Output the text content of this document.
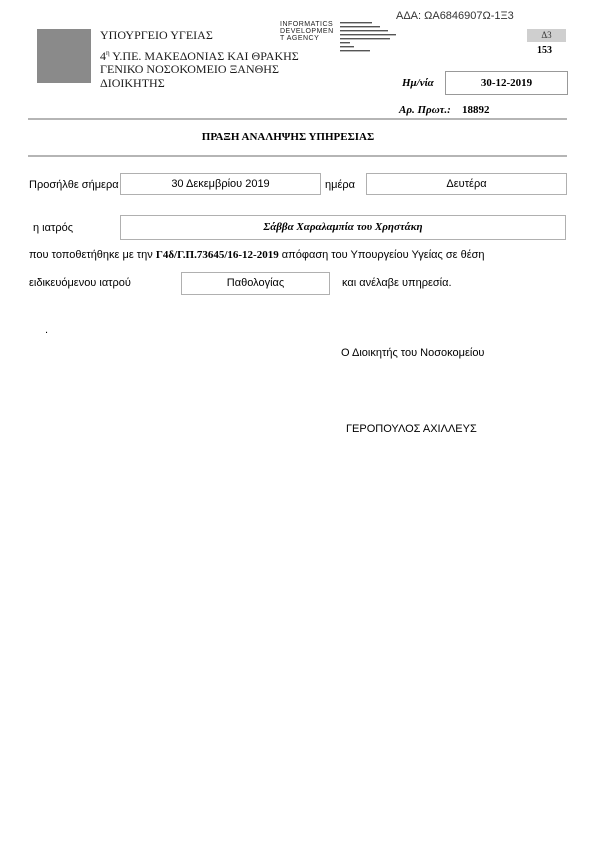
ΥΠΟΥΡΓΕΙΟ ΥΓΕΙΑΣ
$4^\eta$ Υ.ΠΕ. ΜΑΚΕΔΟΝΙΑΣ ΚΑΙ ΘΡΑΚΗΣ
ΓΕΝΙΚΟ ΝΟΣΟΚΟΜΕΙΟ ΞΑΝΘΗΣ
ΔΙΟΙΚΗΤΗΣ
INFORMATICS
DEVELOPMEN
T AGENCY
ΑΔΑ: ΩΑ6846907Ω-1Ξ3
Δ3
153
Ημ/νία	30-12-2019
Αρ. Πρωτ.: 18892
ΠΡΑΞΗ ΑΝΑΛΗΨΗΣ ΥΠΗΡΕΣΙΑΣ
Προσήλθε σήμερα	30 Δεκεμβρίου 2019	ημέρα	Δευτέρα
η ιατρός	Σάββα Χαραλαμπία του Χρηστάκη
που τοποθετήθηκε με την Γ4δ/Γ.Π.73645/16-12-2019 απόφαση του Υπουργείου Υγείας σε θέση
ειδικευόμενου ιατρού	Παθολογίας	και ανέλαβε υπηρεσία.
.
Ο Διοικητής του Νοσοκομείου
ΓΕΡΟΠΟΥΛΟΣ ΑΧΙΛΛΕΥΣ
